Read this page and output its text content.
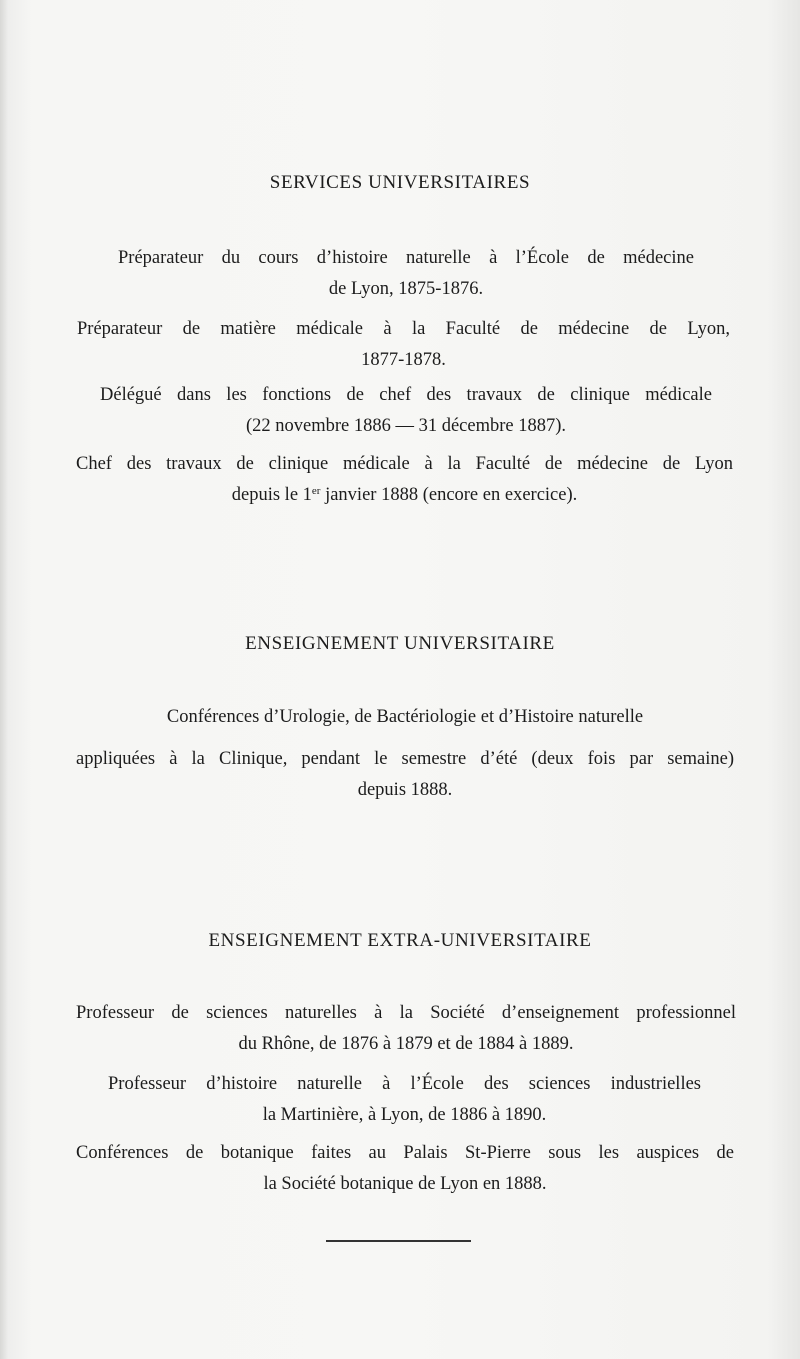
SERVICES UNIVERSITAIRES
Préparateur du cours d’histoire naturelle à l’École de médecine
de Lyon, 1875-1876.
Préparateur de matière médicale à la Faculté de médecine de Lyon,
1877-1878.
Délégué dans les fonctions de chef des travaux de clinique médicale
(22 novembre 1886 — 31 décembre 1887).
Chef des travaux de clinique médicale à la Faculté de médecine de Lyon
depuis le 1er janvier 1888 (encore en exercice).
ENSEIGNEMENT UNIVERSITAIRE
Conférences d’Urologie, de Bactériologie et d’Histoire naturelle
appliquées à la Clinique, pendant le semestre d’été (deux fois par semaine)
depuis 1888.
ENSEIGNEMENT EXTRA-UNIVERSITAIRE
Professeur de sciences naturelles à la Société d’enseignement professionnel
du Rhône, de 1876 à 1879 et de 1884 à 1889.
Professeur d’histoire naturelle à l’École des sciences industrielles
la Martinière, à Lyon, de 1886 à 1890.
Conférences de botanique faites au Palais St-Pierre sous les auspices de
la Société botanique de Lyon en 1888.
